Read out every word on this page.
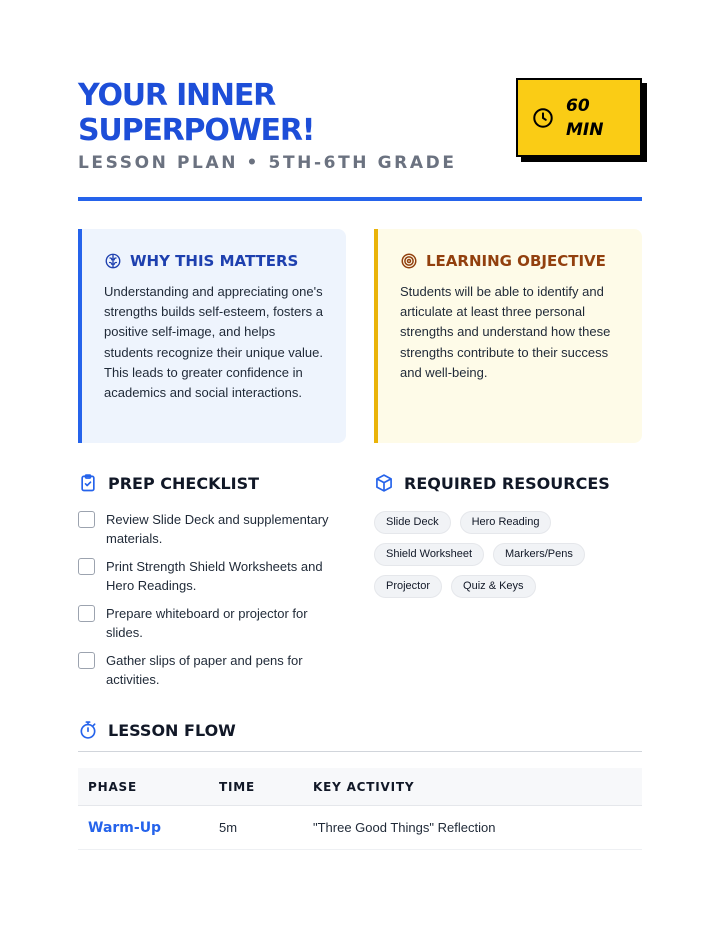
YOUR INNER
SUPERPOWER!
LESSON PLAN • 5TH-6TH GRADE
60
MIN
WHY THIS MATTERS

Understanding and appreciating one's strengths builds self-esteem, fosters a positive self-image, and helps students recognize their unique value. This leads to greater confidence in academics and social interactions.

LEARNING OBJECTIVE

Students will be able to identify and articulate at least three personal strengths and understand how these strengths contribute to their success and well-being.

PREP CHECKLIST
Review Slide Deck and supplementary materials.
Print Strength Shield Worksheets and Hero Readings.
Prepare whiteboard or projector for slides.
Gather slips of paper and pens for activities.
REQUIRED RESOURCES
Slide Deck	Hero Reading
Shield Worksheet	Markers/Pens
Projector	Quiz & Keys
LESSON FLOW
PHASE	TIME	KEY ACTIVITY
Warm-Up	5m	"Three Good Things" Reflection
